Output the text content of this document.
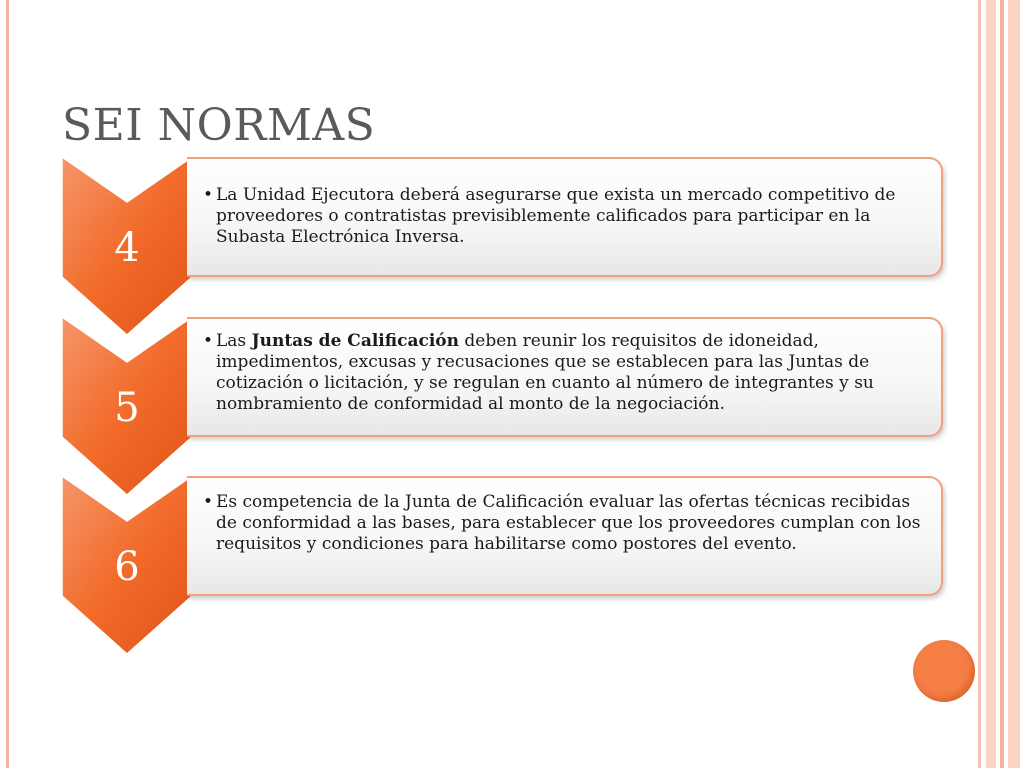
SEI NORMAS
4

• La Unidad Ejecutora deberá asegurarse que exista un mercado competitivo de proveedores o contratistas previsiblemente calificados para participar en la Subasta Electrónica Inversa.

5

• Las Juntas de Calificación deben reunir los requisitos de idoneidad, impedimentos, excusas y recusaciones que se establecen para las Juntas de cotización o licitación, y se regulan en cuanto al número de integrantes y su nombramiento de conformidad al monto de la negociación.

6

• Es competencia de la Junta de Calificación evaluar las ofertas técnicas recibidas de conformidad a las bases, para establecer que los proveedores cumplan con los requisitos y condiciones para habilitarse como postores del evento.
